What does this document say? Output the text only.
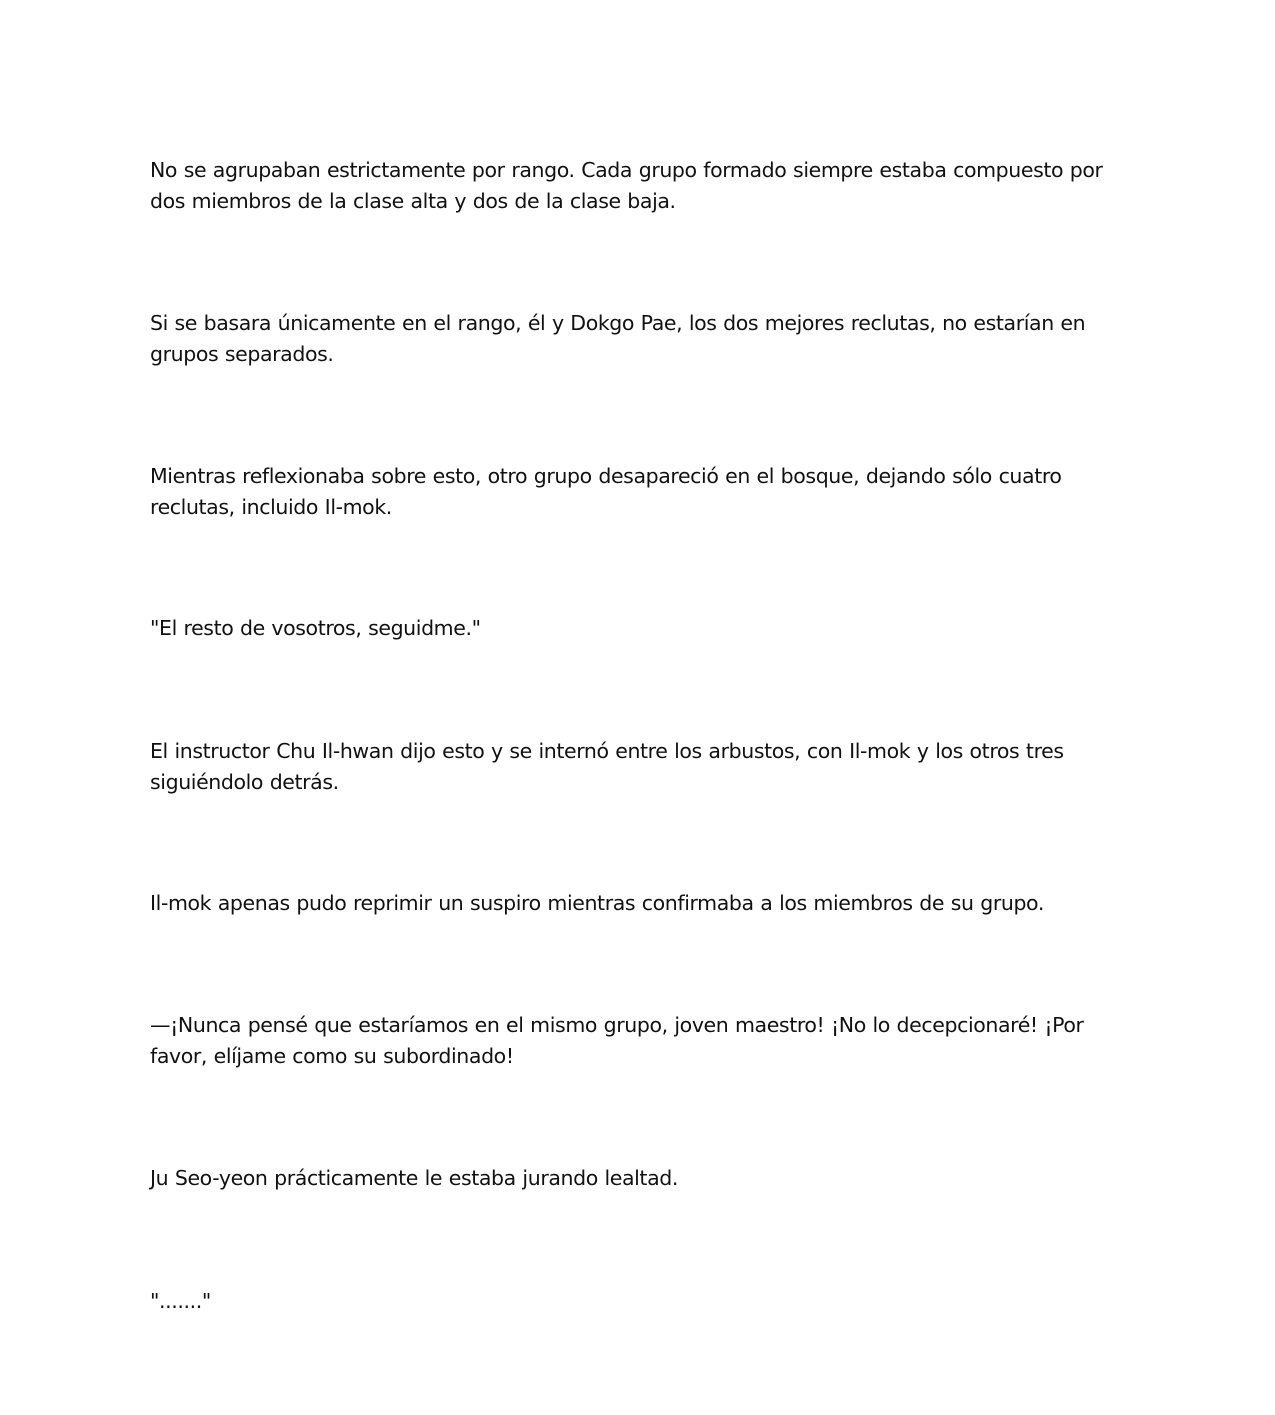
No se agrupaban estrictamente por rango. Cada grupo formado siempre estaba compuesto por dos miembros de la clase alta y dos de la clase baja.

Si se basara únicamente en el rango, él y Dokgo Pae, los dos mejores reclutas, no estarían en grupos separados.

Mientras reflexionaba sobre esto, otro grupo desapareció en el bosque, dejando sólo cuatro reclutas, incluido Il-mok.

"El resto de vosotros, seguidme."

El instructor Chu Il-hwan dijo esto y se internó entre los arbustos, con Il-mok y los otros tres siguiéndolo detrás.

Il-mok apenas pudo reprimir un suspiro mientras confirmaba a los miembros de su grupo.

—¡Nunca pensé que estaríamos en el mismo grupo, joven maestro! ¡No lo decepcionaré! ¡Por favor, elíjame como su subordinado!

Ju Seo-yeon prácticamente le estaba jurando lealtad.

"......."
